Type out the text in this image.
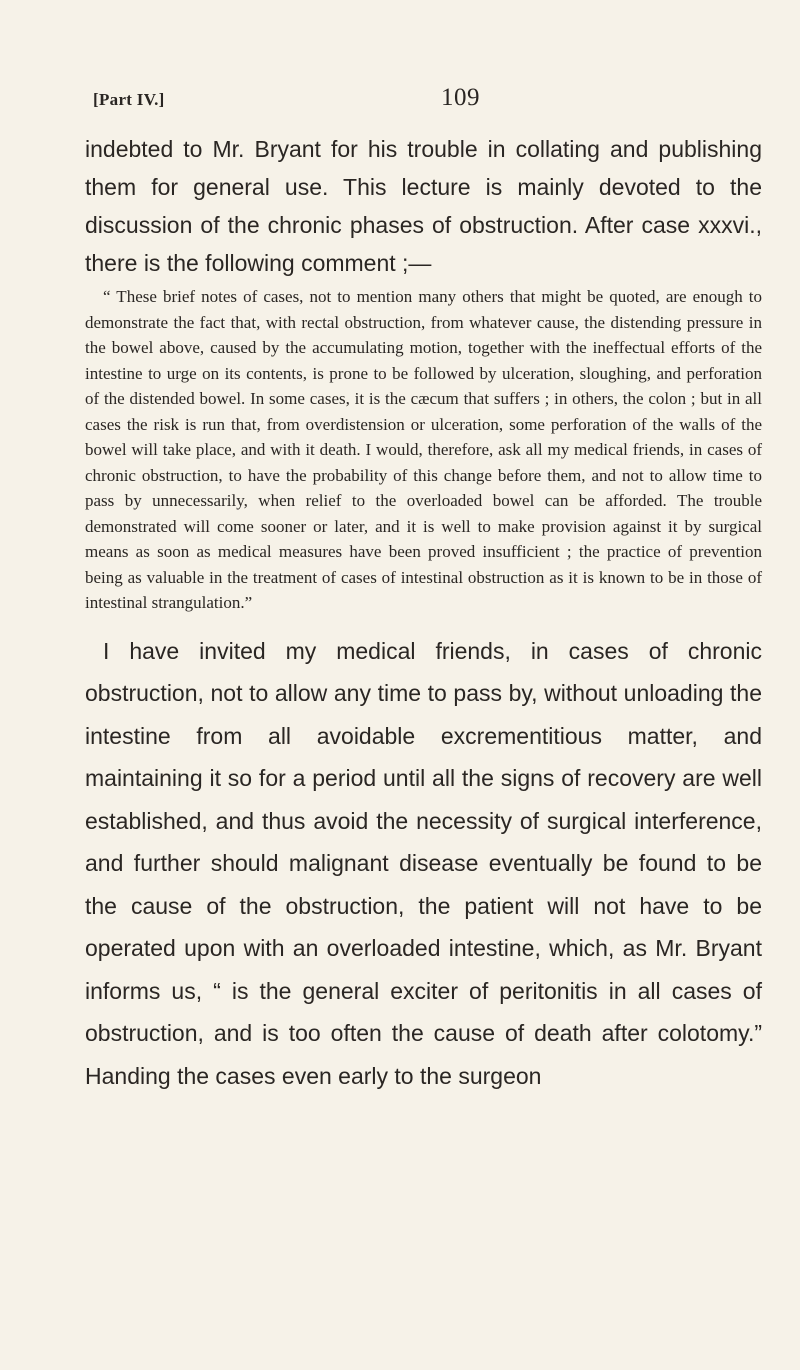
[Part IV.]	109

indebted to Mr. Bryant for his trouble in collating and publishing them for general use. This lecture is mainly devoted to the discussion of the chronic phases of obstruction. After case xxxvi., there is the following comment ;—

“ These brief notes of cases, not to mention many others that might be quoted, are enough to demonstrate the fact that, with rectal obstruction, from whatever cause, the distending pressure in the bowel above, caused by the accumulating motion, together with the ineffectual efforts of the intestine to urge on its contents, is prone to be followed by ulceration, sloughing, and perforation of the distended bowel. In some cases, it is the cæcum that suffers ; in others, the colon ; but in all cases the risk is run that, from overdistension or ulceration, some perforation of the walls of the bowel will take place, and with it death. I would, therefore, ask all my medical friends, in cases of chronic obstruction, to have the probability of this change before them, and not to allow time to pass by unnecessarily, when relief to the overloaded bowel can be afforded. The trouble demonstrated will come sooner or later, and it is well to make provision against it by surgical means as soon as medical measures have been proved insufficient ; the practice of prevention being as valuable in the treatment of cases of intestinal obstruction as it is known to be in those of intestinal strangulation.”

I have invited my medical friends, in cases of chronic obstruction, not to allow any time to pass by, without unloading the intestine from all avoidable excrementitious matter, and maintaining it so for a period until all the signs of recovery are well established, and thus avoid the necessity of surgical interference, and further should malignant disease eventually be found to be the cause of the obstruction, the patient will not have to be operated upon with an overloaded intestine, which, as Mr. Bryant informs us, “ is the general exciter of peritonitis in all cases of obstruction, and is too often the cause of death after colotomy.” Handing the cases even early to the surgeon
